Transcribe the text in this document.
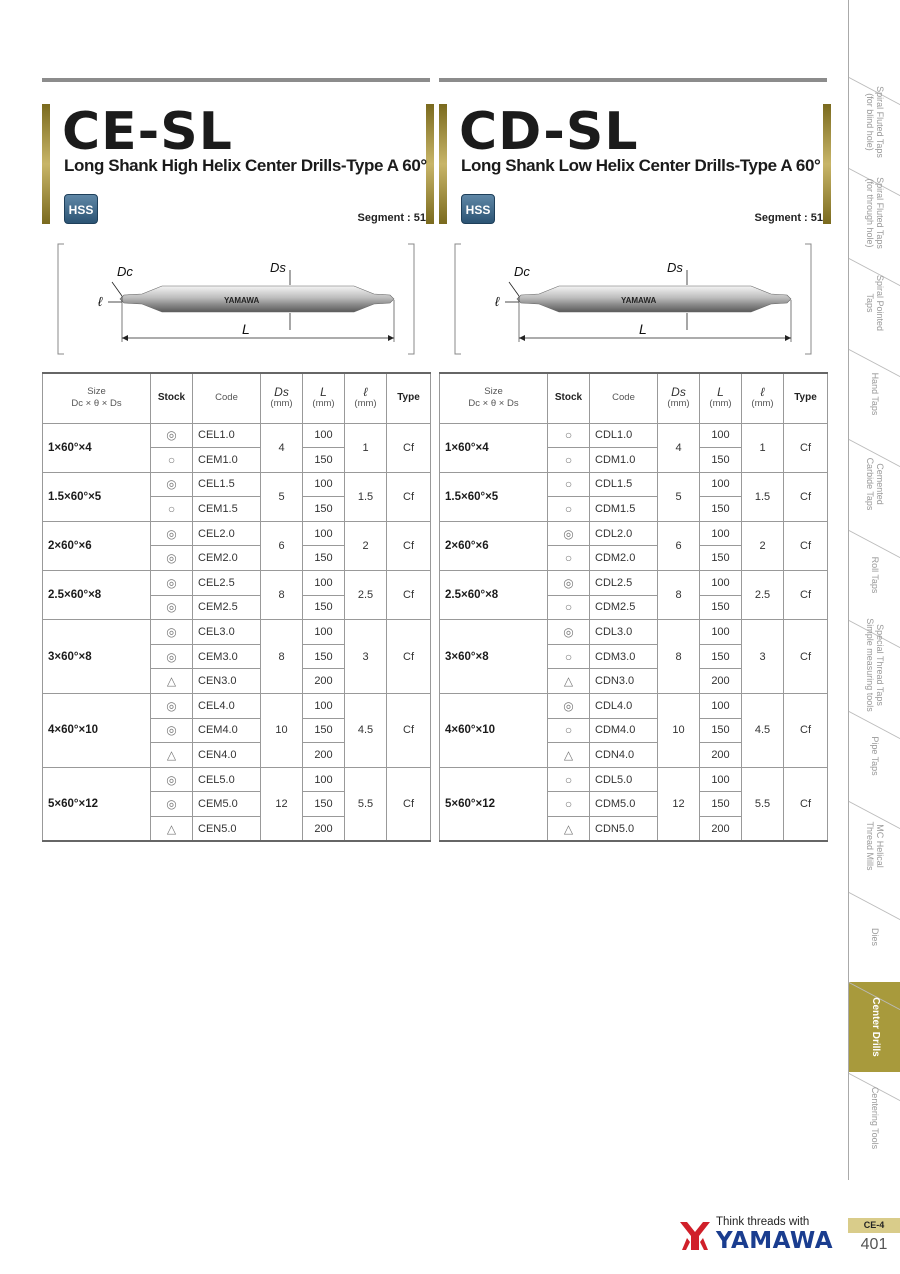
CE-SL
Long Shank High Helix Center Drills-Type A 60°
HSS
Segment : 51
YAMAWA
Dc	Ds
ℓ
L
CD-SL
Long Shank Low Helix Center Drills-Type A 60°
HSS
Segment : 51
YAMAWA
Dc	Ds
ℓ
L
Size
Dc × θ × Ds	Stock	Code	Ds
(mm)	L
(mm)	ℓ
(mm)	Type
1×60°×4	◎	CEL1.0	4	100	1	Cf
	○	CEM1.0		150		
1.5×60°×5	◎	CEL1.5	5	100	1.5	Cf
	○	CEM1.5		150		
2×60°×6	◎	CEL2.0	6	100	2	Cf
	◎	CEM2.0		150		
2.5×60°×8	◎	CEL2.5	8	100	2.5	Cf
	◎	CEM2.5		150		
3×60°×8	◎	CEL3.0	8	100	3	Cf
	◎	CEM3.0		150		
	△	CEN3.0		200		
4×60°×10	◎	CEL4.0	10	100	4.5	Cf
	◎	CEM4.0		150		
	△	CEN4.0		200		
5×60°×12	◎	CEL5.0	12	100	5.5	Cf
	◎	CEM5.0		150		
	△	CEN5.0		200		
Size
Dc × θ × Ds	Stock	Code	Ds
(mm)	L
(mm)	ℓ
(mm)	Type
1×60°×4	○	CDL1.0	4	100	1	Cf
	○	CDM1.0		150		
1.5×60°×5	○	CDL1.5	5	100	1.5	Cf
	○	CDM1.5		150		
2×60°×6	◎	CDL2.0	6	100	2	Cf
	○	CDM2.0		150		
2.5×60°×8	◎	CDL2.5	8	100	2.5	Cf
	○	CDM2.5		150		
3×60°×8	◎	CDL3.0	8	100	3	Cf
	○	CDM3.0		150		
	△	CDN3.0		200		
4×60°×10	◎	CDL4.0	10	100	4.5	Cf
	○	CDM4.0		150		
	△	CDN4.0		200		
5×60°×12	○	CDL5.0	12	100	5.5	Cf
	○	CDM5.0		150		
	△	CDN5.0		200		
Spiral Fluted Taps
(for blind hole)
Spiral Fluted Taps
(for through hole)
Spiral Pointed
Taps
Hand Taps
Cemented
Carbide Taps
Roll Taps
Special Thread Taps
Simple measuring tools
Pipe Taps
MC Helical
Thread Mills
Dies
Center Drills
Centering Tools
Think threads with
YAMAWA
CE-4
401
